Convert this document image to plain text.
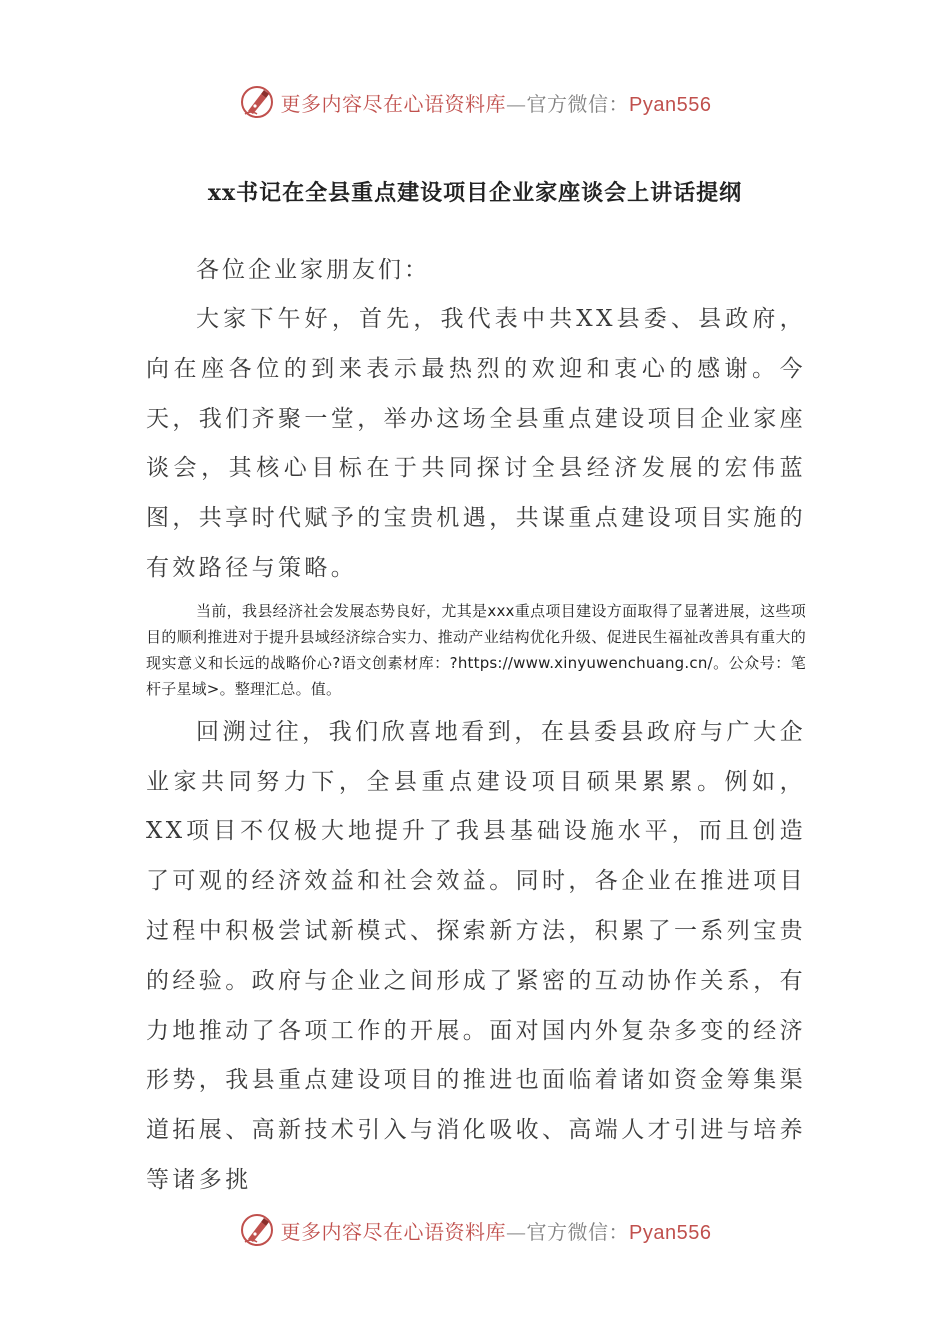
更多内容尽在心语资料库—官方微信：Pyan556
xx书记在全县重点建设项目企业家座谈会上讲话提纲
各位企业家朋友们：

大家下午好，首先，我代表中共XX县委、县政府，向在座各位的到来表示最热烈的欢迎和衷心的感谢。今天，我们齐聚一堂，举办这场全县重点建设项目企业家座谈会，其核心目标在于共同探讨全县经济发展的宏伟蓝图，共享时代赋予的宝贵机遇，共谋重点建设项目实施的有效路径与策略。

当前，我县经济社会发展态势良好，尤其是xxx重点项目建设方面取得了显著进展，这些项目的顺利推进对于提升县域经济综合实力、推动产业结构优化升级、促进民生福祉改善具有重大的现实意义和长远的战略价心?语文创素材库：?https://www.xinyuwenchuang.cn/。公众号：笔杆子星域>。整理汇总。值。

回溯过往，我们欣喜地看到，在县委县政府与广大企业家共同努力下，全县重点建设项目硕果累累。例如，XX项目不仅极大地提升了我县基础设施水平，而且创造了可观的经济效益和社会效益。同时，各企业在推进项目过程中积极尝试新模式、探索新方法，积累了一系列宝贵的经验。政府与企业之间形成了紧密的互动协作关系，有力地推动了各项工作的开展。面对国内外复杂多变的经济形势，我县重点建设项目的推进也面临着诸如资金筹集渠道拓展、高新技术引入与消化吸收、高端人才引进与培养等诸多挑

更多内容尽在心语资料库—官方微信：Pyan556
